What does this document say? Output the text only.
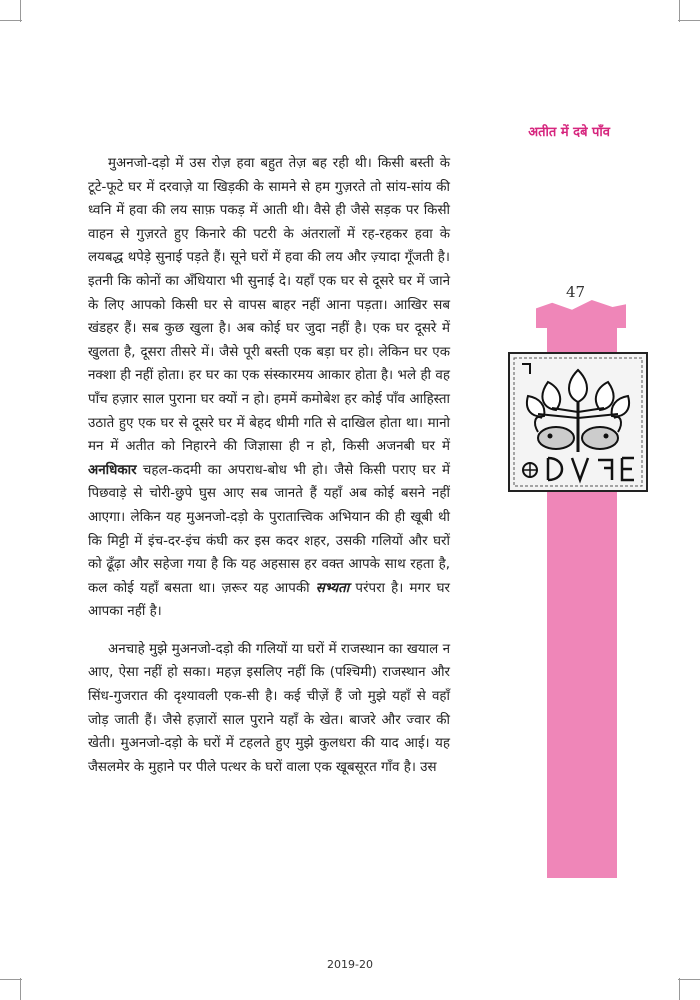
अतीत में दबे पाँव
47

मुअनजो-दड़ो में उस रोज़ हवा बहुत तेज़ बह रही थी। किसी बस्ती के टूटे-फूटे घर में दरवाज़े या खिड़की के सामने से हम गुज़रते तो सांय-सांय की ध्वनि में हवा की लय साफ़ पकड़ में आती थी। वैसे ही जैसे सड़क पर किसी वाहन से गुज़रते हुए किनारे की पटरी के अंतरालों में रह-रहकर हवा के लयबद्ध थपेड़े सुनाई पड़ते हैं। सूने घरों में हवा की लय और ज़्यादा गूँजती है। इतनी कि कोनों का अँधियारा भी सुनाई दे। यहाँ एक घर से दूसरे घर में जाने के लिए आपको किसी घर से वापस बाहर नहीं आना पड़ता। आखिर सब खंडहर हैं। सब कुछ खुला है। अब कोई घर जुदा नहीं है। एक घर दूसरे में खुलता है, दूसरा तीसरे में। जैसे पूरी बस्ती एक बड़ा घर हो। लेकिन घर एक नक्शा ही नहीं होता। हर घर का एक संस्कारमय आकार होता है। भले ही वह पाँच हज़ार साल पुराना घर क्यों न हो। हममें कमोबेश हर कोई पाँव आहिस्ता उठाते हुए एक घर से दूसरे घर में बेहद धीमी गति से दाखिल होता था। मानो मन में अतीत को निहारने की जिज्ञासा ही न हो, किसी अजनबी घर में अनधिकार चहल-कदमी का अपराध-बोध भी हो। जैसे किसी पराए घर में पिछवाड़े से चोरी-छुपे घुस आए सब जानते हैं यहाँ अब कोई बसने नहीं आएगा। लेकिन यह मुअनजो-दड़ो के पुरातात्त्विक अभियान की ही खूबी थी कि मिट्टी में इंच-दर-इंच कंघी कर इस कदर शहर, उसकी गलियों और घरों को ढूँढ़ा और सहेजा गया है कि यह अहसास हर वक्त आपके साथ रहता है, कल कोई यहाँ बसता था। ज़रूर यह आपकी सभ्यता परंपरा है। मगर घर आपका नहीं है।

अनचाहे मुझे मुअनजो-दड़ो की गलियों या घरों में राजस्थान का खयाल न आए, ऐसा नहीं हो सका। महज़ इसलिए नहीं कि (पश्चिमी) राजस्थान और सिंध-गुजरात की दृश्यावली एक-सी है। कई चीज़ें हैं जो मुझे यहाँ से वहाँ जोड़ जाती हैं। जैसे हज़ारों साल पुराने यहाँ के खेत। बाजरे और ज्वार की खेती। मुअनजो-दड़ो के घरों में टहलते हुए मुझे कुलधरा की याद आई। यह जैसलमेर के मुहाने पर पीले पत्थर के घरों वाला एक खूबसूरत गाँव है। उस

2019-20
